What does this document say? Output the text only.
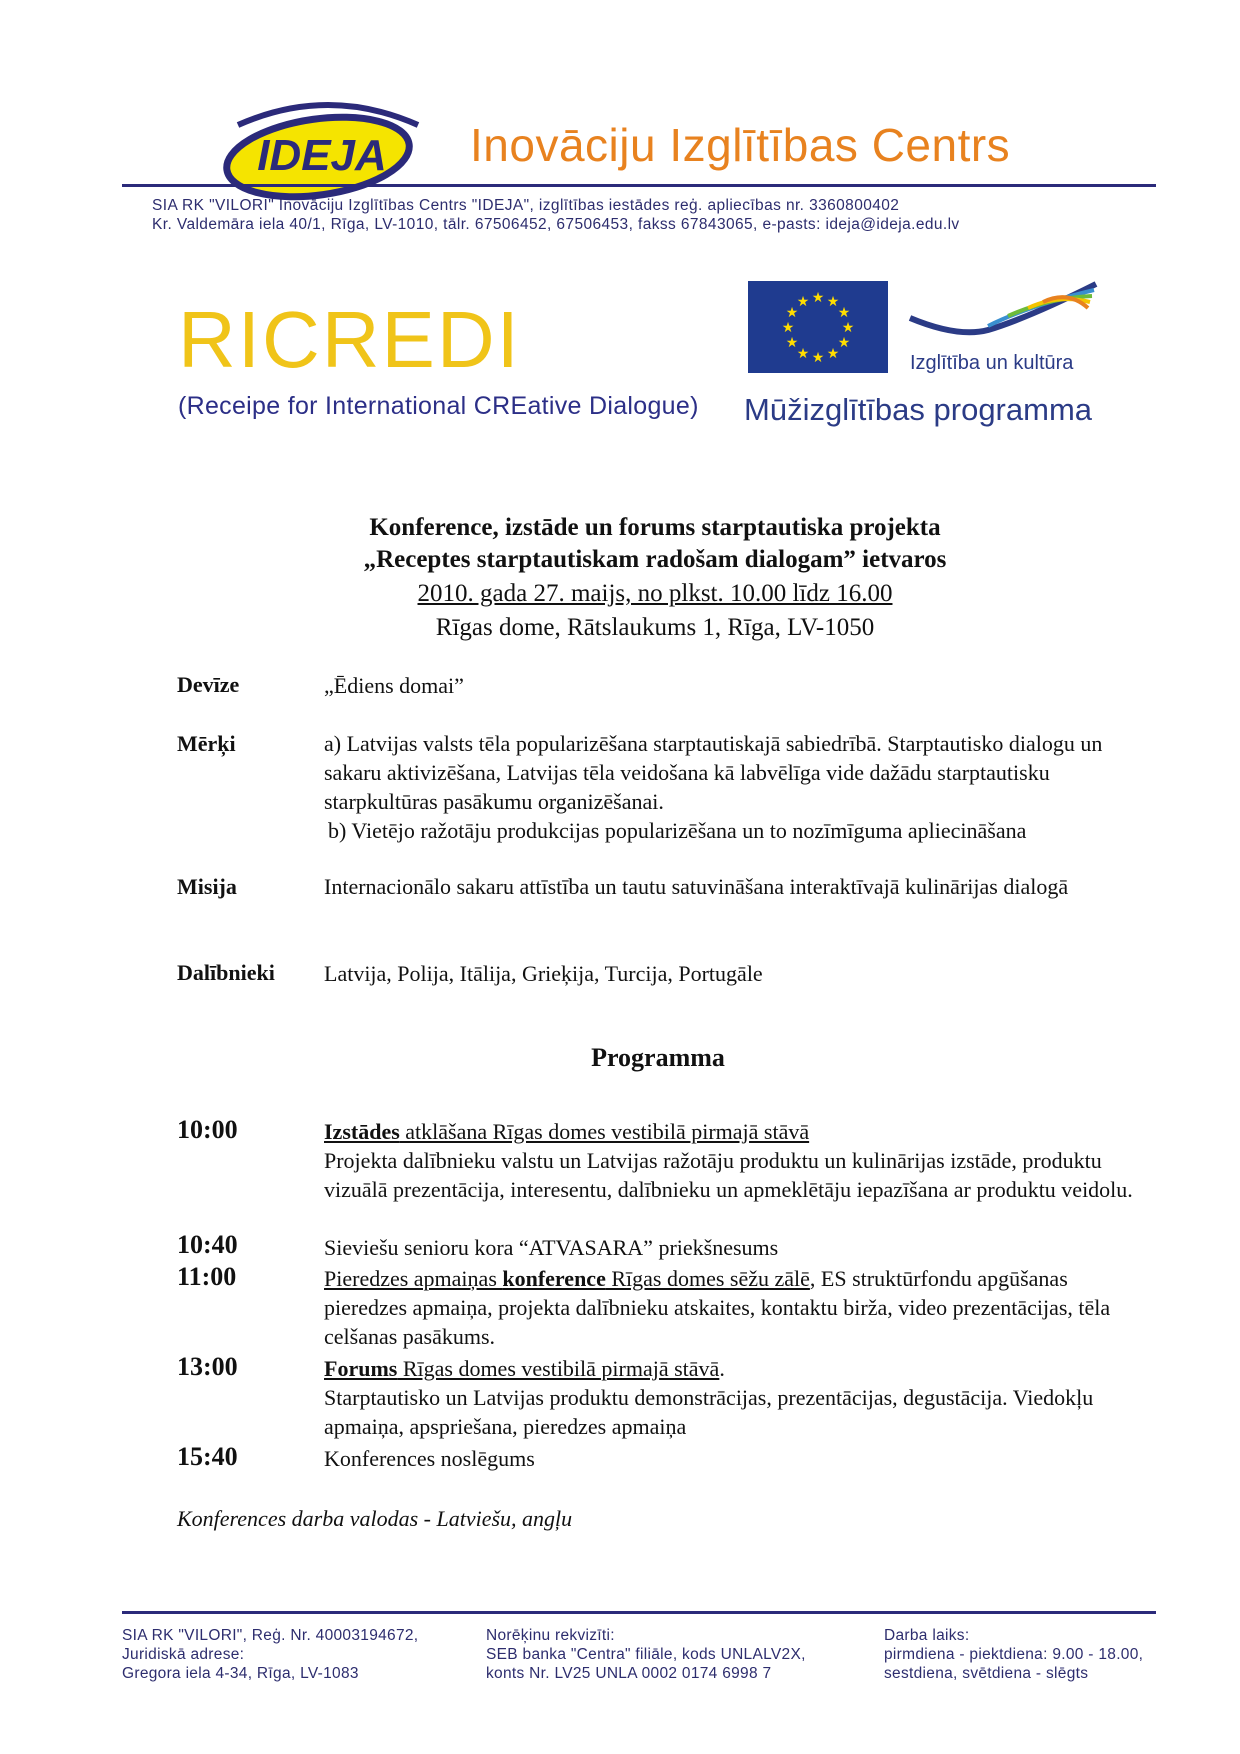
IDEJA Inovāciju Izglītības Centrs
SIA RK "VILORI" Inovāciju Izglītības Centrs "IDEJA", izglītības iestādes reģ. apliecības nr. 3360800402
Kr. Valdemāra iela 40/1, Rīga, LV-1010, tālr. 67506452, 67506453, fakss 67843065, e-pasts: ideja@ideja.edu.lv
RICREDI
(Receipe for International CREative Dialogue)
★ ★
★
★
★
★
★
★
★
★
★
★
Izglītība un kultūra
Mūžizglītības programma
Konference, izstāde un forums starptautiska projekta
„Receptes starptautiskam radošam dialogam” ietvaros
2010. gada 27. maijs, no plkst. 10.00 līdz 16.00
Rīgas dome, Rātslaukums 1, Rīga, LV-1050
Devīze	„Ēdiens domai”
Mērķi	a) Latvijas valsts tēla popularizēšana starptautiskajā sabiedrībā. Starptautisko dialogu un sakaru aktivizēšana, Latvijas tēla veidošana kā labvēlīga vide dažādu starptautisku starpkultūras pasākumu organizēšanai.
b) Vietējo ražotāju produkcijas popularizēšana un to nozīmīguma apliecināšana
Misija	Internacionālo sakaru attīstība un tautu satuvināšana interaktīvajā kulinārijas dialogā
Dalībnieki Latvija, Polija, Itālija, Grieķija, Turcija, Portugāle
Programma
10:00	Izstādes atklāšana Rīgas domes vestibilā pirmajā stāvā
Projekta dalībnieku valstu un Latvijas ražotāju produktu un kulinārijas izstāde, produktu vizuālā prezentācija, interesentu, dalībnieku un apmeklētāju iepazīšana ar produktu veidolu.
10:40	Sieviešu senioru kora “ATVASARA” priekšnesums
11:00	Pieredzes apmaiņas konference Rīgas domes sēžu zālē, ES struktūrfondu apgūšanas pieredzes apmaiņa, projekta dalībnieku atskaites, kontaktu birža, video prezentācijas, tēla celšanas pasākums.
13:00	Forums Rīgas domes vestibilā pirmajā stāvā.
Starptautisko un Latvijas produktu demonstrācijas, prezentācijas, degustācija. Viedokļu apmaiņa, apspriešana, pieredzes apmaiņa
15:40	Konferences noslēgums
Konferences darba valodas - Latviešu, angļu
SIA RK "VILORI", Reģ. Nr. 40003194672,
Juridiskā adrese:
Gregora iela 4-34, Rīga, LV-1083
Norēķinu rekvizīti:
SEB banka "Centra" filiāle, kods UNLALV2X,
konts Nr. LV25 UNLA 0002 0174 6998 7
Darba laiks:
pirmdiena - piektdiena: 9.00 - 18.00,
sestdiena, svētdiena - slēgts
